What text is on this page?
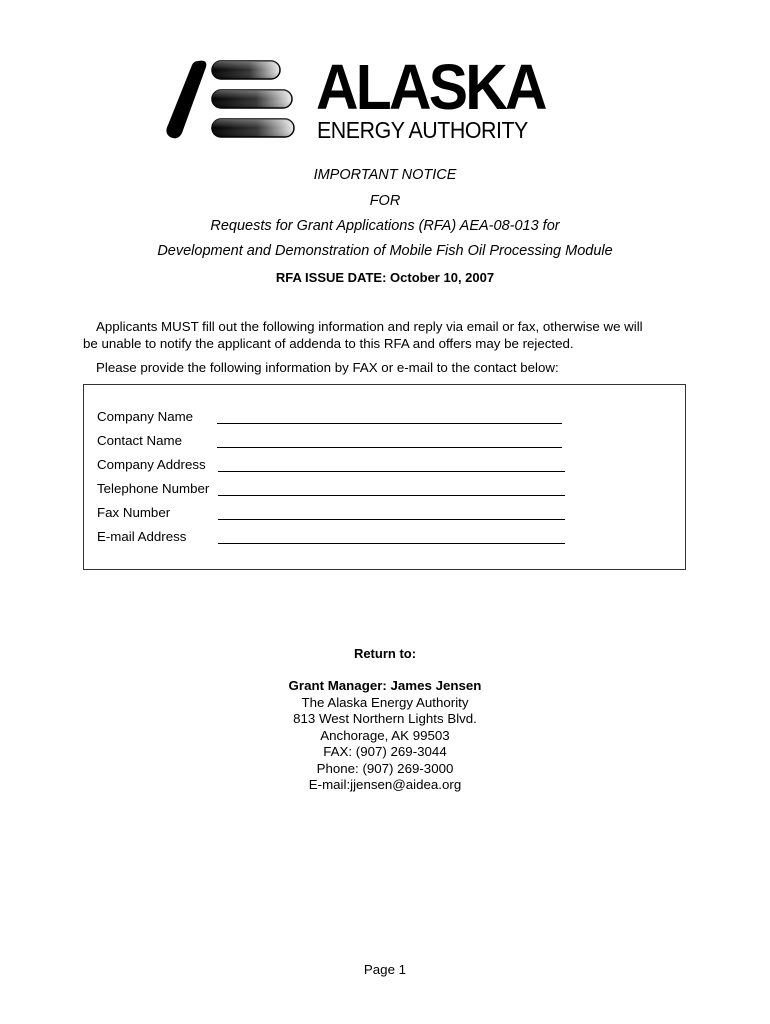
ALASKA
ENERGY AUTHORITY
IMPORTANT NOTICE
FOR
Requests for Grant Applications (RFA) AEA-08-013 for
Development and Demonstration of Mobile Fish Oil Processing Module
RFA ISSUE DATE: October 10, 2007
Applicants MUST fill out the following information and reply via email or fax, otherwise we will
be unable to notify the applicant of addenda to this RFA and offers may be rejected.
Please provide the following information by FAX or e-mail to the contact below:
Company Name
Contact Name
Company Address
Telephone Number
Fax Number
E-mail Address
Return to:
Grant Manager: James Jensen
The Alaska Energy Authority
813 West Northern Lights Blvd.
Anchorage, AK 99503
FAX: (907) 269-3044
Phone: (907) 269-3000
E-mail:jjensen@aidea.org
Page 1
